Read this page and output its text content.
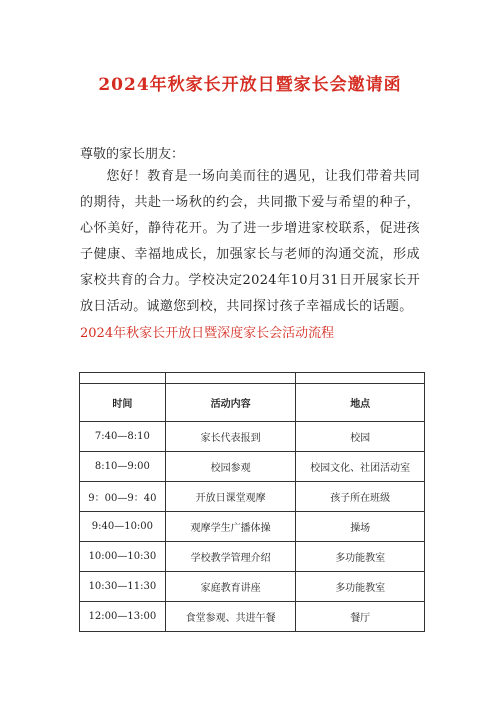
2024年秋家长开放日暨家长会邀请函
尊敬的家长朋友：
您好！教育是一场向美而往的遇见，让我们带着共同的期待，共赴一场秋的约会，共同撒下爱与希望的种子，心怀美好，静待花开。为了进一步增进家校联系，促进孩子健康、幸福地成长，加强家长与老师的沟通交流，形成家校共育的合力。学校决定2024年10月31日开展家长开放日活动。诚邀您到校，共同探讨孩子幸福成长的话题。
2024年秋家长开放日暨深度家长会活动流程

时间	活动内容	地点
7:40—8:10	家长代表报到	校园
8:10—9:00	校园参观	校园文化、社团活动室
9：00—9：40	开放日课堂观摩	孩子所在班级
9:40—10:00	观摩学生广播体操	操场
10:00—10:30	学校教学管理介绍	多功能教室
10:30—11:30	家庭教育讲座	多功能教室
12:00—13:00	食堂参观、共进午餐	餐厅
